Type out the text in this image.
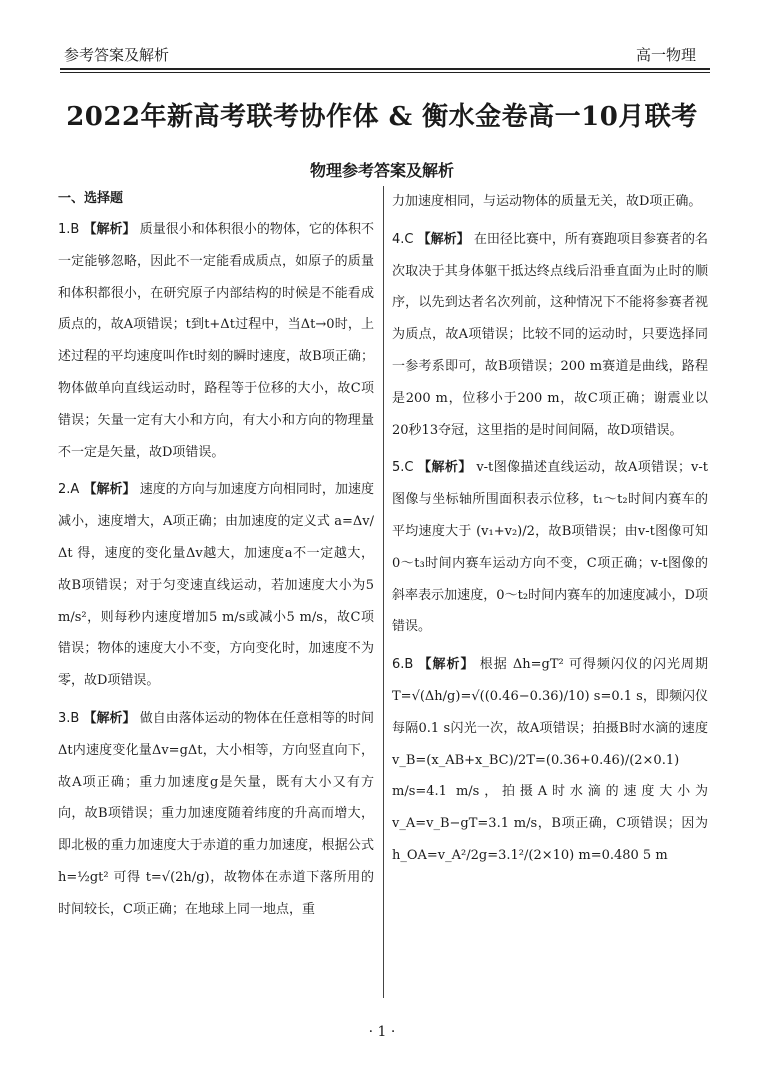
参考答案及解析	高一物理
2022年新高考联考协作体 & 衡水金卷高一10月联考
物理参考答案及解析
一、选择题
1.B 【解析】 质量很小和体积很小的物体，它的体积不一定能够忽略，因此不一定能看成质点，如原子的质量和体积都很小，在研究原子内部结构的时候是不能看成质点的，故A项错误；t到t+Δt过程中，当Δt→0时，上述过程的平均速度叫作t时刻的瞬时速度，故B项正确；物体做单向直线运动时，路程等于位移的大小，故C项错误；矢量一定有大小和方向，有大小和方向的物理量不一定是矢量，故D项错误。
2.A 【解析】 速度的方向与加速度方向相同时，加速度减小，速度增大，A项正确；由加速度的定义式 a=Δv/Δt 得，速度的变化量Δv越大，加速度a不一定越大，故B项错误；对于匀变速直线运动，若加速度大小为5 m/s²，则每秒内速度增加5 m/s或减小5 m/s，故C项错误；物体的速度大小不变，方向变化时，加速度不为零，故D项错误。
3.B 【解析】 做自由落体运动的物体在任意相等的时间Δt内速度变化量Δv=gΔt，大小相等，方向竖直向下，故A项正确；重力加速度g是矢量，既有大小又有方向，故B项错误；重力加速度随着纬度的升高而增大，即北极的重力加速度大于赤道的重力加速度，根据公式 h=½gt² 可得 t=√(2h/g)，故物体在赤道下落所用的时间较长，C项正确；在地球上同一地点，重
力加速度相同，与运动物体的质量无关，故D项正确。
4.C 【解析】 在田径比赛中，所有赛跑项目参赛者的名次取决于其身体躯干抵达终点线后沿垂直面为止时的顺序，以先到达者名次列前，这种情况下不能将参赛者视为质点，故A项错误；比较不同的运动时，只要选择同一参考系即可，故B项错误；200 m赛道是曲线，路程是200 m，位移小于200 m，故C项正确；谢震业以20秒13夺冠，这里指的是时间间隔，故D项错误。
5.C 【解析】 v-t图像描述直线运动，故A项错误；v-t图像与坐标轴所围面积表示位移，t₁～t₂时间内赛车的平均速度大于 (v₁+v₂)/2，故B项错误；由v-t图像可知0～t₃时间内赛车运动方向不变，C项正确；v-t图像的斜率表示加速度，0～t₂时间内赛车的加速度减小，D项错误。
6.B 【解析】 根据 Δh=gT² 可得频闪仪的闪光周期 T=√(Δh/g)=√((0.46−0.36)/10) s=0.1 s，即频闪仪每隔0.1 s闪光一次，故A项错误；拍摄B时水滴的速度 v_B=(x_AB+x_BC)/2T=(0.36+0.46)/(2×0.1) m/s=4.1 m/s，拍摄A时水滴的速度大小为 v_A=v_B−gT=3.1 m/s，B项正确，C项错误；因为 h_OA=v_A²/2g=3.1²/(2×10) m=0.480 5 m
· 1 ·
